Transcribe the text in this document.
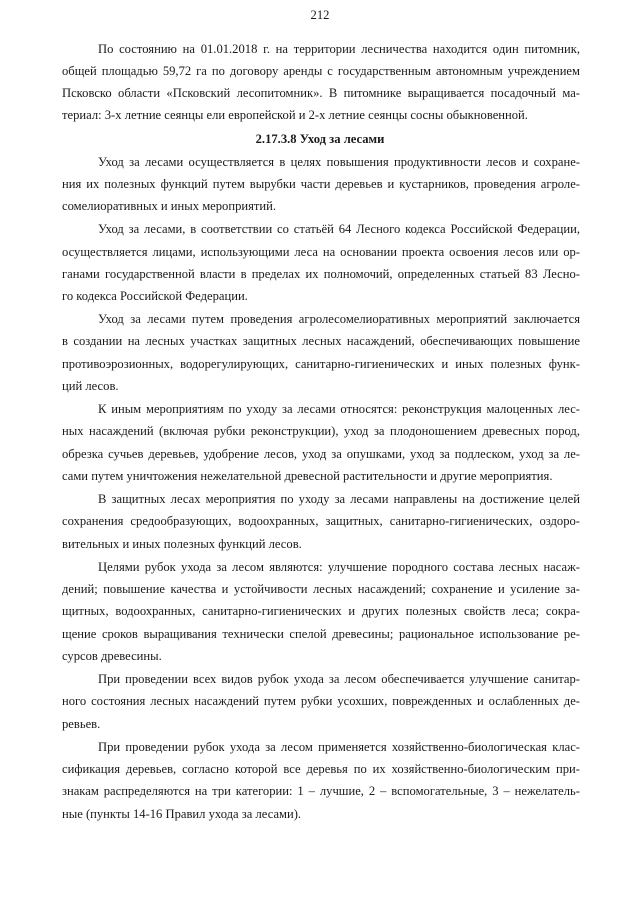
212
По состоянию на 01.01.2018 г. на территории лесничества находится один питомник,
общей площадью 59,72 га по договору аренды с государственным автономным учреждением
Псковско области «Псковский лесопитомник». В питомнике выращивается посадочный ма-
териал: 3-х летние сеянцы ели европейской и 2-х летние сеянцы сосны обыкновенной.
2.17.3.8 Уход за лесами
Уход за лесами осуществляется в целях повышения продуктивности лесов и сохране-
ния их полезных функций путем вырубки части деревьев и кустарников, проведения агроле-
сомелиоративных и иных мероприятий.
Уход за лесами, в соответствии со статьёй 64 Лесного кодекса Российской Федерации,
осуществляется лицами, использующими леса на основании проекта освоения лесов или ор-
ганами государственной власти в пределах их полномочий, определенных статьей 83 Лесно-
го кодекса Российской Федерации.
Уход за лесами путем проведения агролесомелиоративных мероприятий заключается
в создании на лесных участках защитных лесных насаждений, обеспечивающих повышение
противоэрозионных, водорегулирующих, санитарно-гигиенических и иных полезных функ-
ций лесов.
К иным мероприятиям по уходу за лесами относятся: реконструкция малоценных лес-
ных насаждений (включая рубки реконструкции), уход за плодоношением древесных пород,
обрезка сучьев деревьев, удобрение лесов, уход за опушками, уход за подлеском, уход за ле-
сами путем уничтожения нежелательной древесной растительности и другие мероприятия.
В защитных лесах мероприятия по уходу за лесами направлены на достижение целей
сохранения средообразующих, водоохранных, защитных, санитарно-гигиенических, оздоро-
вительных и иных полезных функций лесов.
Целями рубок ухода за лесом являются: улучшение породного состава лесных насаж-
дений; повышение качества и устойчивости лесных насаждений; сохранение и усиление за-
щитных, водоохранных, санитарно-гигиенических и других полезных свойств леса; сокра-
щение сроков выращивания технически спелой древесины; рациональное использование ре-
сурсов древесины.
При проведении всех видов рубок ухода за лесом обеспечивается улучшение санитар-
ного состояния лесных насаждений путем рубки усохших, поврежденных и ослабленных де-
ревьев.
При проведении рубок ухода за лесом применяется хозяйственно-биологическая клас-
сификация деревьев, согласно которой все деревья по их хозяйственно-биологическим при-
знакам распределяются на три категории: 1 – лучшие, 2 – вспомогательные, 3 – нежелатель-
ные (пункты 14-16 Правил ухода за лесами).
